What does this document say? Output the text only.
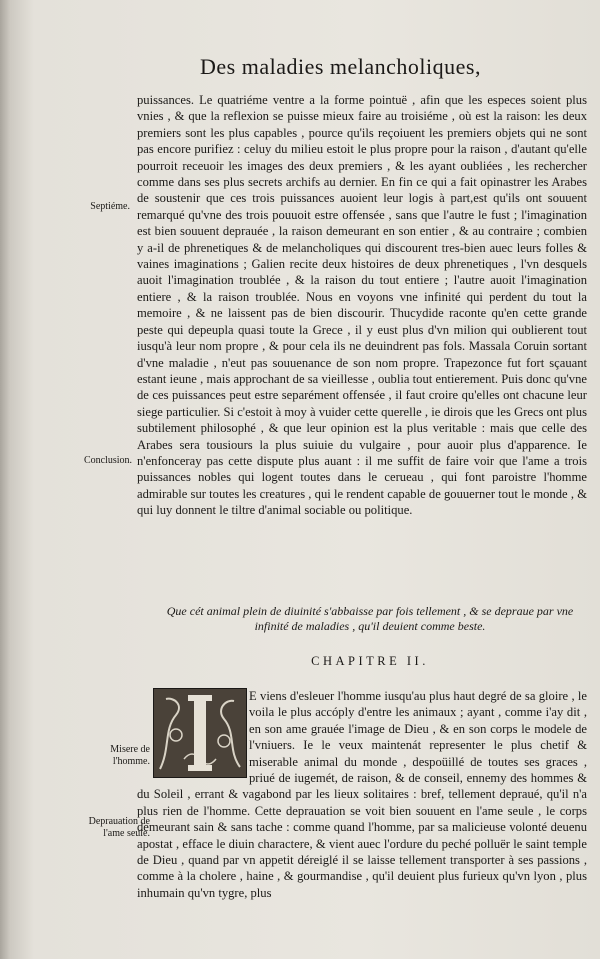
Des maladies melancholiques,

puissances. Le quatriéme ventre a la forme pointuë , afin que les especes soient plus vnies , & que la reflexion se puisse mieux faire au troisiéme , où est la raison: les deux premiers sont les plus capables , pource qu'ils reçoiuent les premiers objets qui ne sont pas encore purifiez : celuy du milieu estoit le plus propre pour la raison , d'autant qu'elle pourroit receuoir les images des deux premiers , & les ayant oubliées , les rechercher comme dans ses plus secrets archifs au dernier. En fin ce qui a fait opinastrer les Arabes de soustenir que ces trois puissances auoient leur logis à part,est qu'ils ont souuent remarqué qu'vne des trois pouuoit estre offensée , sans que l'autre le fust ; l'imagination est bien souuent deprauée , la raison demeurant en son entier , & au contraire ; combien y a-il de phrenetiques & de melancholiques qui discourent tres-bien auec leurs folles & vaines imaginations ; Galien recite deux histoires de deux phrenetiques , l'vn desquels auoit l'imagination troublée , & la raison du tout entiere ; l'autre auoit l'imagination entiere , & la raison troublée. Nous en voyons vne infinité qui perdent du tout la memoire , & ne laissent pas de bien discourir. Thucydide raconte qu'en cette grande peste qui depeupla quasi toute la Grece , il y eust plus d'vn milion qui oublierent tout iusqu'à leur nom propre , & pour cela ils ne deuindrent pas fols. Massala Coruin sortant d'vne maladie , n'eut pas souuenance de son nom propre. Trapezonce fut fort sçauant estant ieune , mais approchant de sa vieillesse , oublia tout entierement. Puis donc qu'vne de ces puissances peut estre separément offensée , il faut croire qu'elles ont chacune leur siege particulier. Si c'estoit à moy à vuider cette querelle , ie dirois que les Grecs ont plus subtilement philosophé , & que leur opinion est la plus veritable : mais que celle des Arabes sera tousiours la plus suiuie du vulgaire , pour auoir plus d'apparence. Ie n'enfonceray pas cette dispute plus auant : il me suffit de faire voir que l'ame a trois puissances nobles qui logent toutes dans le cerueau , qui font paroistre l'homme admirable sur toutes les creatures , qui le rendent capable de gouuerner tout le monde , & qui luy donnent le tiltre d'animal sociable ou politique.

Septiéme.
Conclusion.
Que cét animal plein de diuinité s'abbaisse par fois tellement , & se depraue par vne infinité de maladies , qu'il deuient comme beste.
CHAPITRE II.
I
E viens d'esleuer l'homme iusqu'au plus haut degré de sa gloire , le voila le plus accóply d'entre les animaux ; ayant , comme i'ay dit , en son ame grauée l'image de Dieu , & en son corps le modele de l'vniuers. Ie le veux maintenát representer le plus chetif & miserable animal du monde , despoüillé de toutes ses graces , priué de iugemét, de raison, & de conseil, ennemy des hommes & du Soleil , errant & vagabond par les lieux solitaires : bref, tellement depraué, qu'il n'a plus rien de l'homme. Cette deprauation se voit bien souuent en l'ame seule , le corps demeurant sain & sans tache : comme quand l'homme, par sa malicieuse volonté deuenu apostat , efface le diuin charactere, & vient auec l'ordure du peché polluër le saint temple de Dieu , quand par vn appetit déreiglé il se laisse tellement transporter à ses passions , comme à la cholere , haine , & gourmandise , qu'il deuient plus furieux qu'vn lyon , plus inhumain qu'vn tygre, plus
Misere de l'homme.
Deprauation de l'ame seule.
